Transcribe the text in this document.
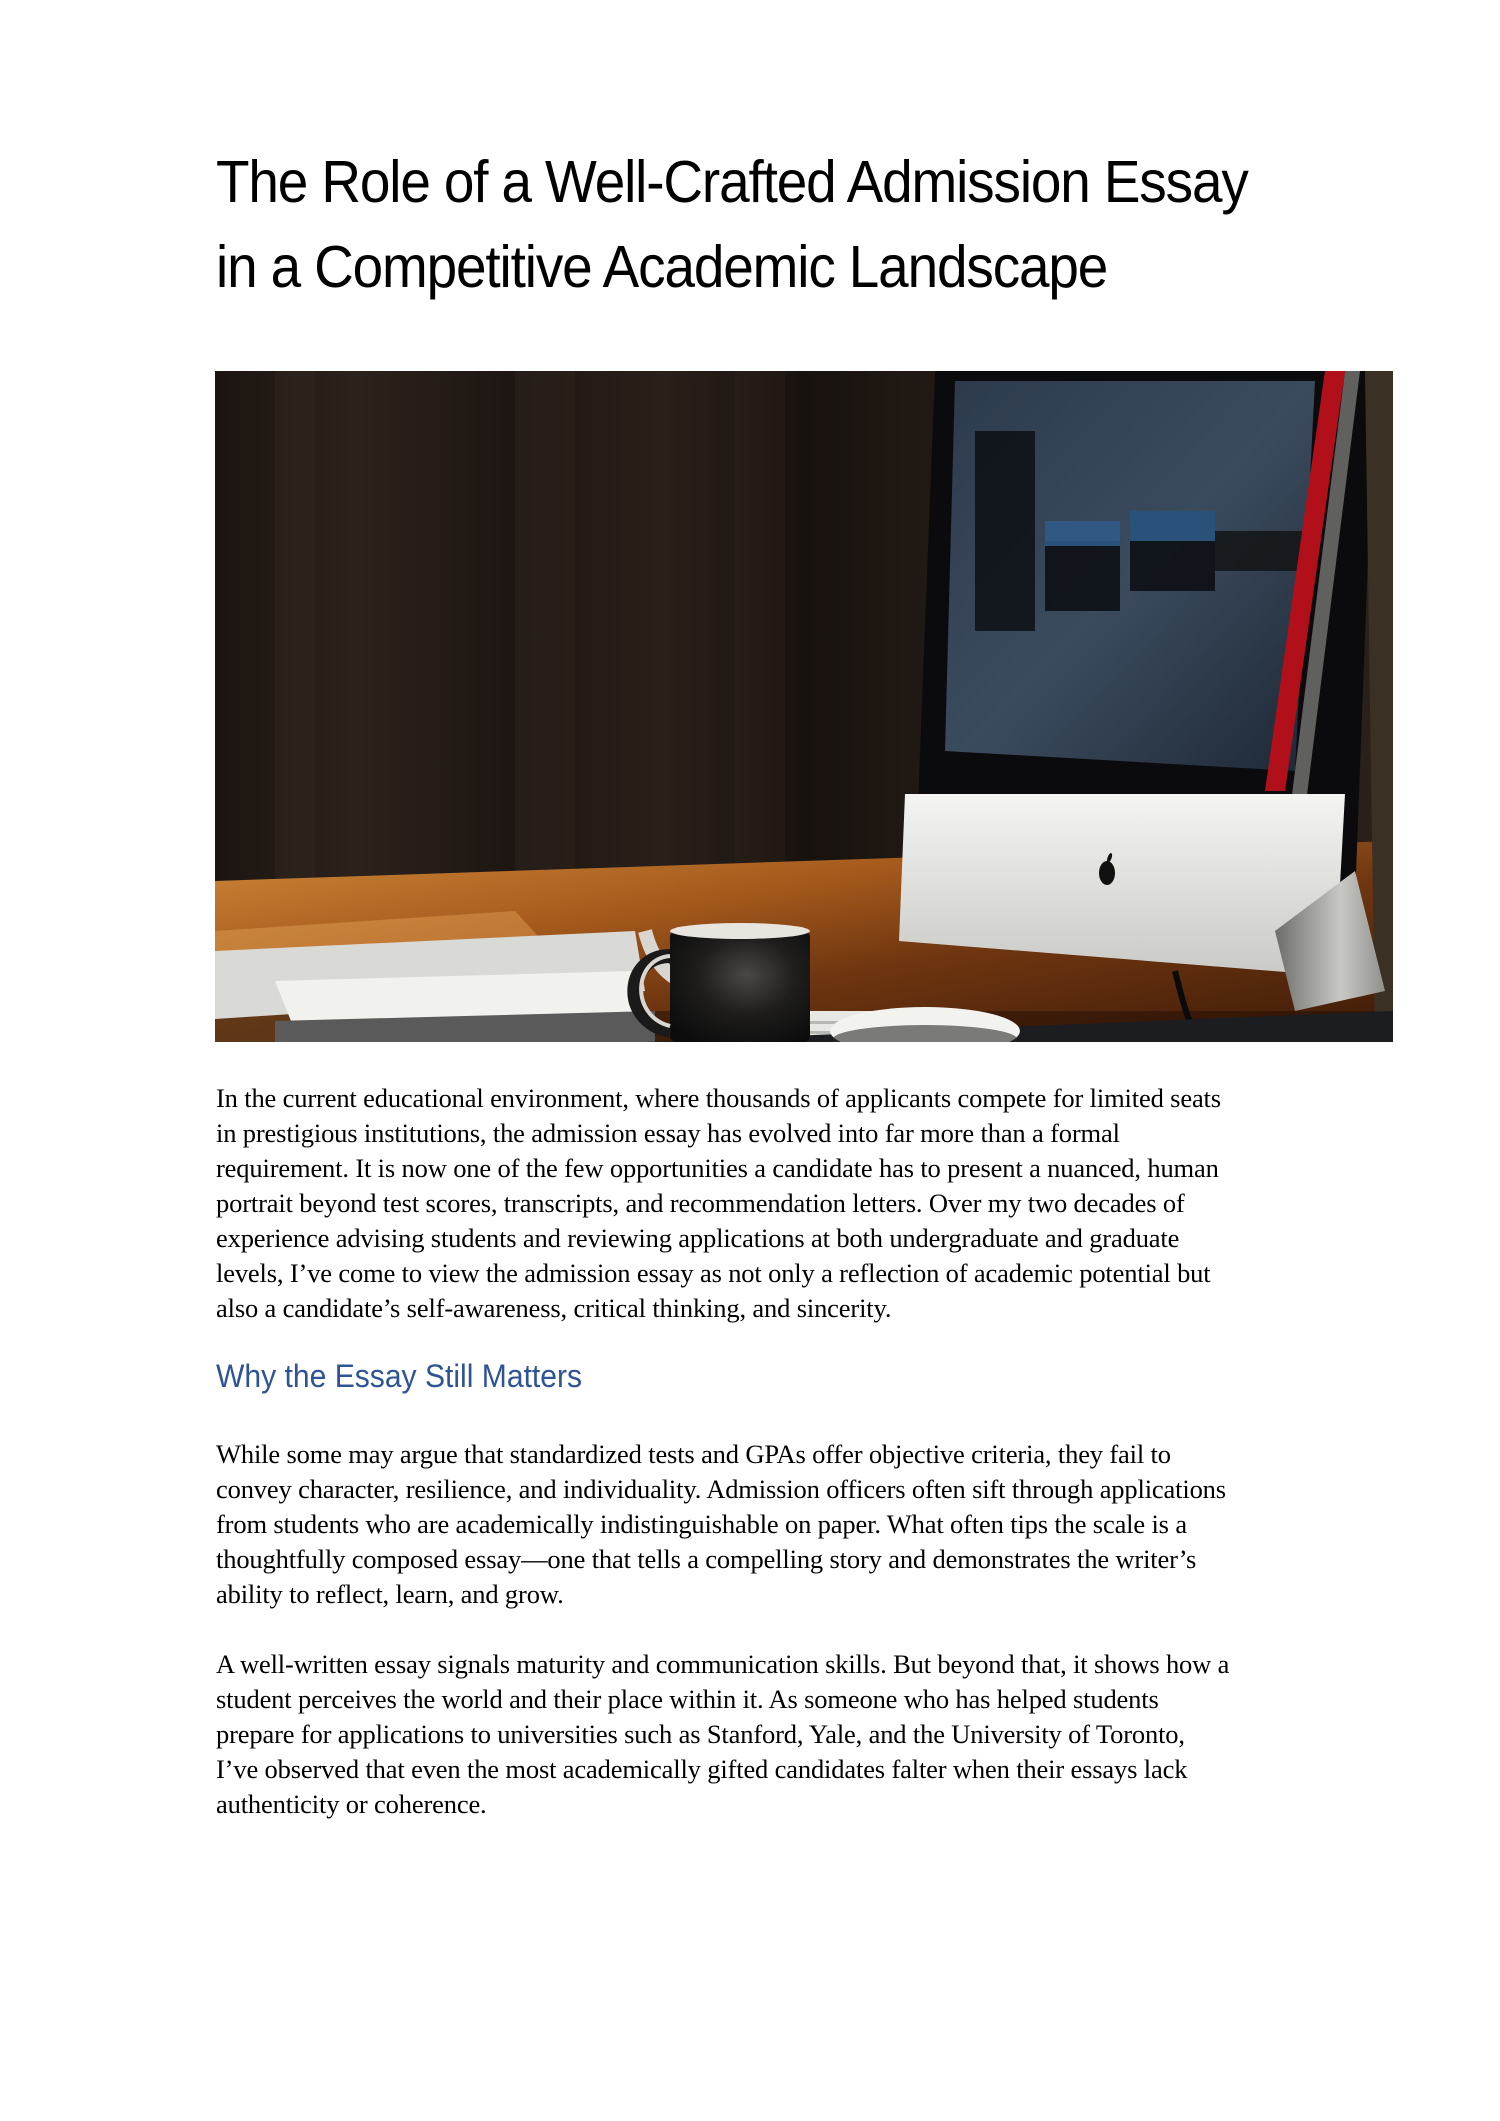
The Role of a Well-Crafted Admission Essay
in a Competitive Academic Landscape

In the current educational environment, where thousands of applicants compete for limited seats
in prestigious institutions, the admission essay has evolved into far more than a formal
requirement. It is now one of the few opportunities a candidate has to present a nuanced, human
portrait beyond test scores, transcripts, and recommendation letters. Over my two decades of
experience advising students and reviewing applications at both undergraduate and graduate
levels, I’ve come to view the admission essay as not only a reflection of academic potential but
also a candidate’s self-awareness, critical thinking, and sincerity.

Why the Essay Still Matters

While some may argue that standardized tests and GPAs offer objective criteria, they fail to
convey character, resilience, and individuality. Admission officers often sift through applications
from students who are academically indistinguishable on paper. What often tips the scale is a
thoughtfully composed essay—one that tells a compelling story and demonstrates the writer’s
ability to reflect, learn, and grow.

A well-written essay signals maturity and communication skills. But beyond that, it shows how a
student perceives the world and their place within it. As someone who has helped students
prepare for applications to universities such as Stanford, Yale, and the University of Toronto,
I’ve observed that even the most academically gifted candidates falter when their essays lack
authenticity or coherence.
